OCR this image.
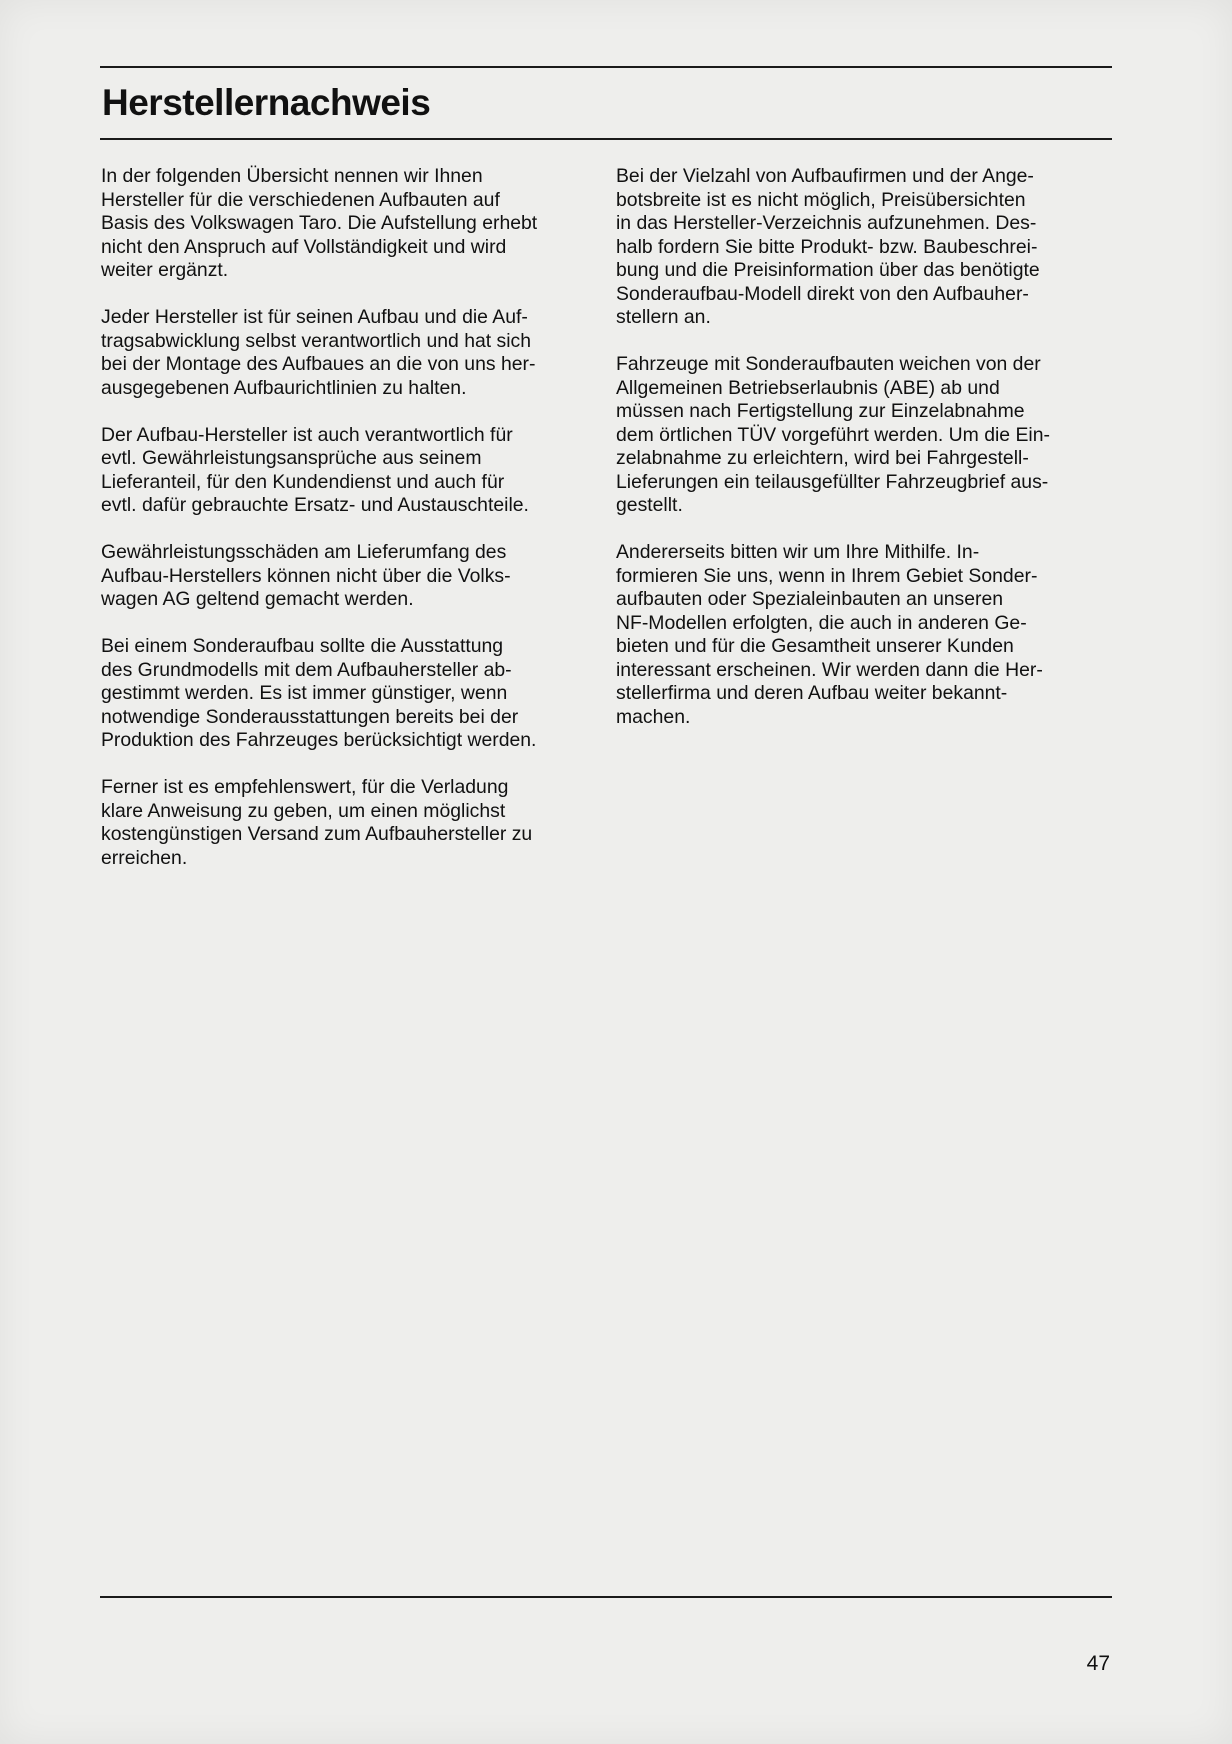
Herstellernachweis

In der folgenden Übersicht nennen wir Ihnen
Hersteller für die verschiedenen Aufbauten auf
Basis des Volkswagen Taro. Die Aufstellung erhebt
nicht den Anspruch auf Vollständigkeit und wird
weiter ergänzt.

Jeder Hersteller ist für seinen Aufbau und die Auf-
tragsabwicklung selbst verantwortlich und hat sich
bei der Montage des Aufbaues an die von uns her-
ausgegebenen Aufbaurichtlinien zu halten.

Der Aufbau-Hersteller ist auch verantwortlich für
evtl. Gewährleistungsansprüche aus seinem
Lieferanteil, für den Kundendienst und auch für
evtl. dafür gebrauchte Ersatz- und Austauschteile.

Gewährleistungsschäden am Lieferumfang des
Aufbau-Herstellers können nicht über die Volks-
wagen AG geltend gemacht werden.

Bei einem Sonderaufbau sollte die Ausstattung
des Grundmodells mit dem Aufbauhersteller ab-
gestimmt werden. Es ist immer günstiger, wenn
notwendige Sonderausstattungen bereits bei der
Produktion des Fahrzeuges berücksichtigt werden.

Ferner ist es empfehlenswert, für die Verladung
klare Anweisung zu geben, um einen möglichst
kostengünstigen Versand zum Aufbauhersteller zu
erreichen.

Bei der Vielzahl von Aufbaufirmen und der Ange-
botsbreite ist es nicht möglich, Preisübersichten
in das Hersteller-Verzeichnis aufzunehmen. Des-
halb fordern Sie bitte Produkt- bzw. Baubeschrei-
bung und die Preisinformation über das benötigte
Sonderaufbau-Modell direkt von den Aufbauher-
stellern an.

Fahrzeuge mit Sonderaufbauten weichen von der
Allgemeinen Betriebserlaubnis (ABE) ab und
müssen nach Fertigstellung zur Einzelabnahme
dem örtlichen TÜV vorgeführt werden. Um die Ein-
zelabnahme zu erleichtern, wird bei Fahrgestell-
Lieferungen ein teilausgefüllter Fahrzeugbrief aus-
gestellt.

Andererseits bitten wir um Ihre Mithilfe. In-
formieren Sie uns, wenn in Ihrem Gebiet Sonder-
aufbauten oder Spezialeinbauten an unseren
NF-Modellen erfolgten, die auch in anderen Ge-
bieten und für die Gesamtheit unserer Kunden
interessant erscheinen. Wir werden dann die Her-
stellerfirma und deren Aufbau weiter bekannt-
machen.

47
